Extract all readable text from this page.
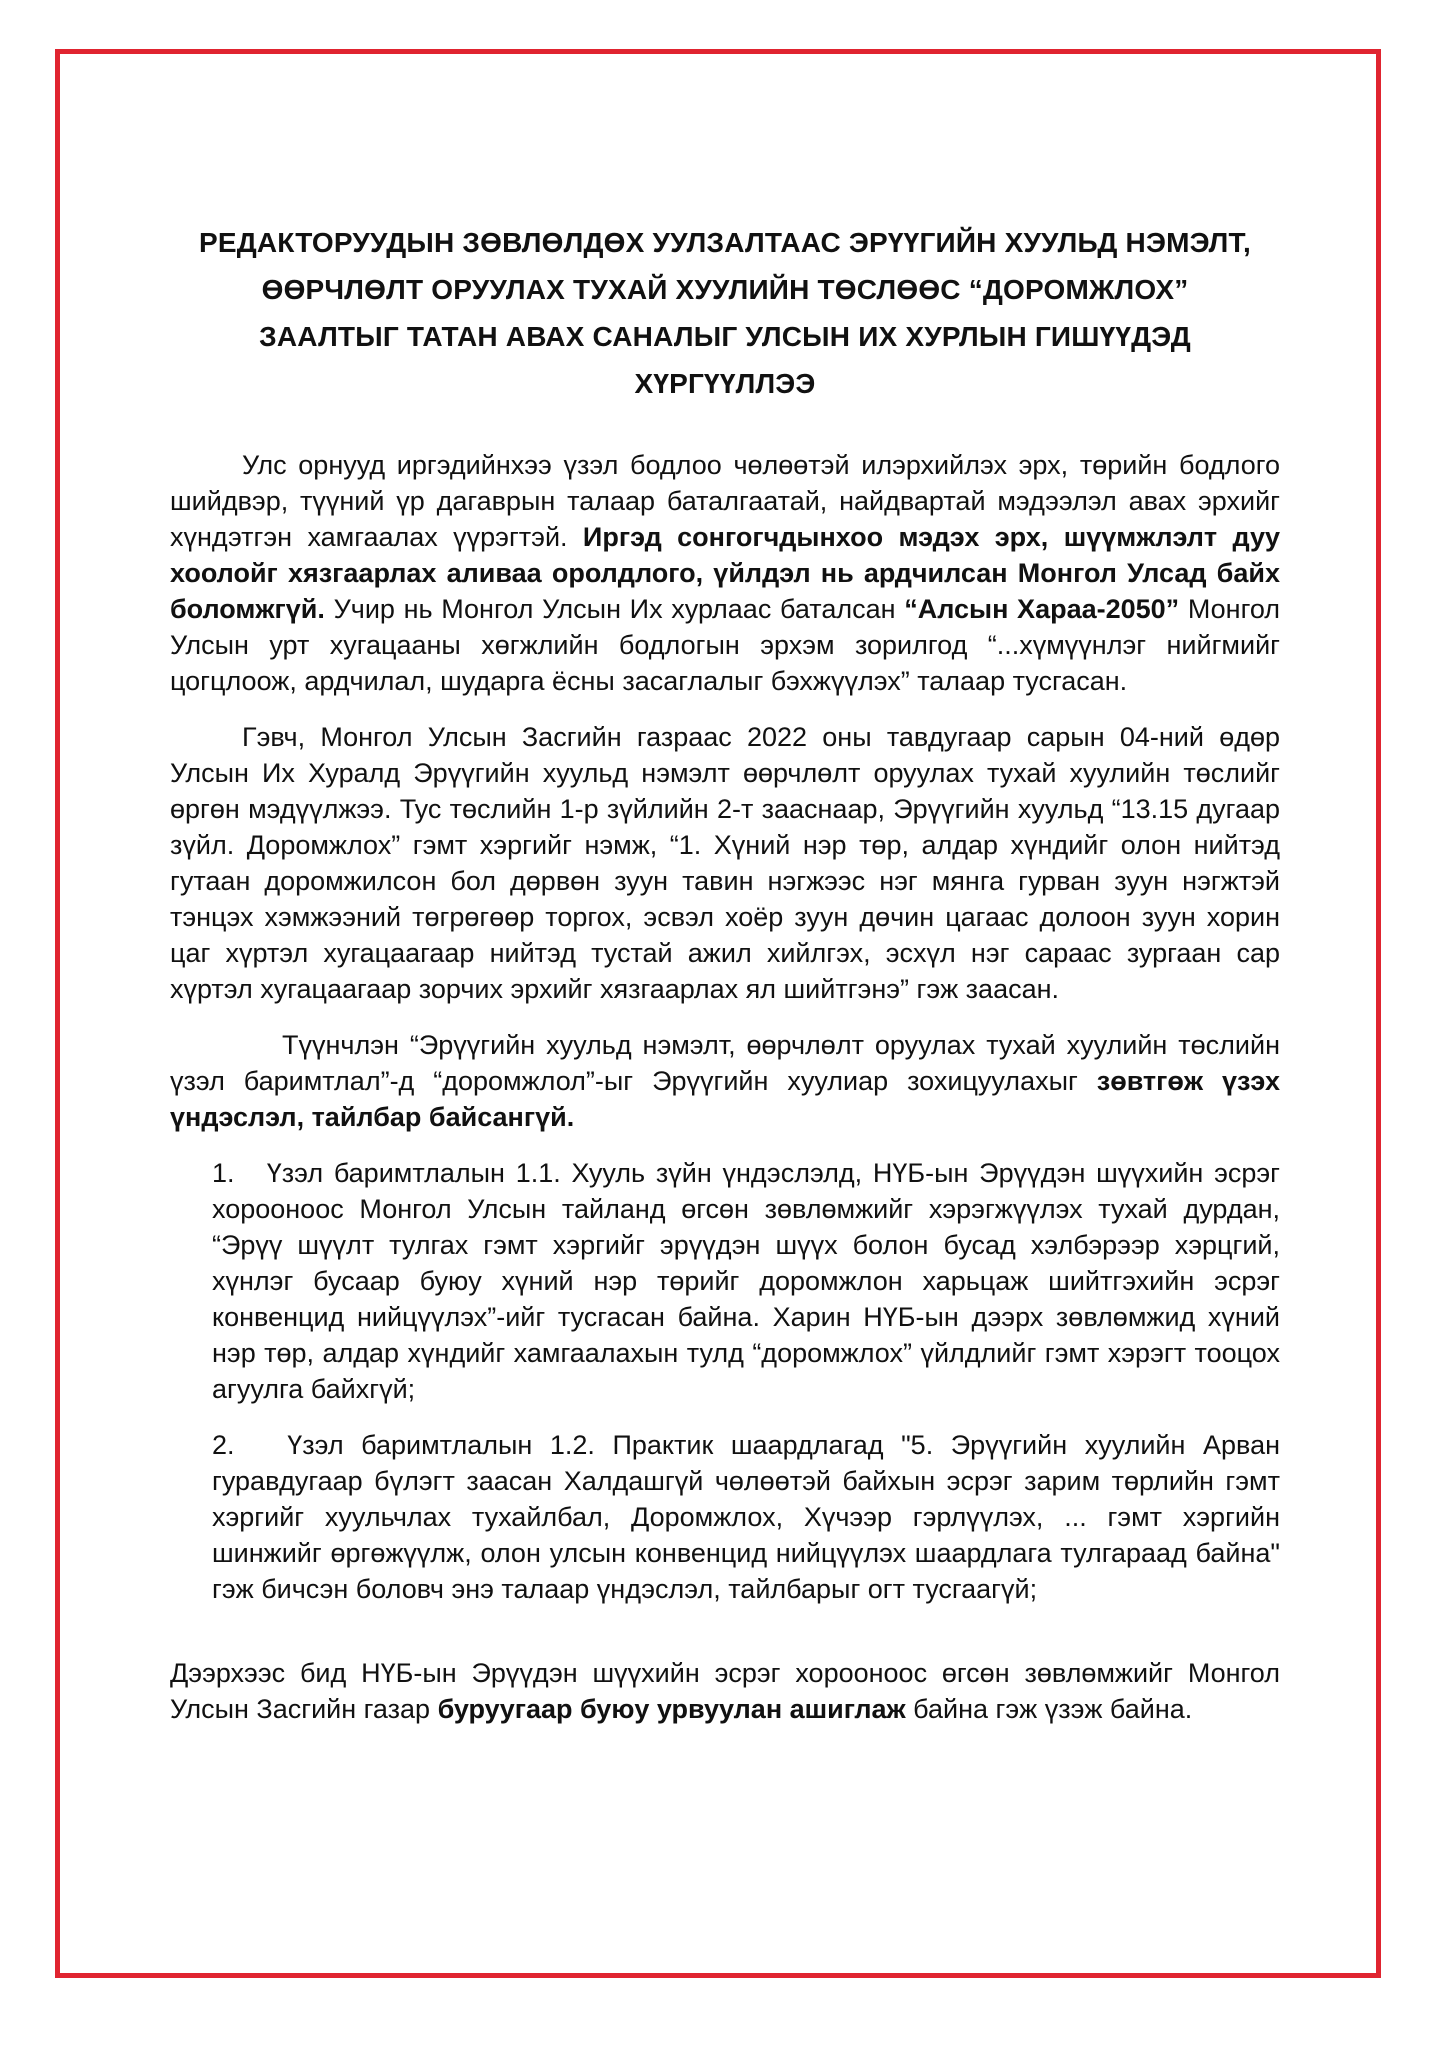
РЕДАКТОРУУДЫН ЗӨВЛӨЛДӨХ УУЛЗАЛТААС ЭРҮҮГИЙН ХУУЛЬД НЭМЭЛТ,
ӨӨРЧЛӨЛТ ОРУУЛАХ ТУХАЙ ХУУЛИЙН ТӨСЛӨӨС “ДОРОМЖЛОХ”
ЗААЛТЫГ ТАТАН АВАХ САНАЛЫГ УЛСЫН ИХ ХУРЛЫН ГИШҮҮДЭД
ХҮРГҮҮЛЛЭЭ

Улс орнууд иргэдийнхээ үзэл бодлоо чөлөөтэй илэрхийлэх эрх, төрийн бодлого шийдвэр, түүний үр дагаврын талаар баталгаатай, найдвартай мэдээлэл авах эрхийг хүндэтгэн хамгаалах үүрэгтэй. Иргэд сонгогчдынхоо мэдэх эрх, шүүмжлэлт дуу хоолойг хязгаарлах аливаа оролдлого, үйлдэл нь ардчилсан Монгол Улсад байх боломжгүй. Учир нь Монгол Улсын Их хурлаас баталсан “Алсын Хараа-2050” Монгол Улсын урт хугацааны хөгжлийн бодлогын эрхэм зорилгод “...хүмүүнлэг нийгмийг цогцлоож, ардчилал, шударга ёсны засаглалыг бэхжүүлэх” талаар тусгасан.

Гэвч, Монгол Улсын Засгийн газраас 2022 оны тавдугаар сарын 04-ний өдөр Улсын Их Хуралд Эрүүгийн хуульд нэмэлт өөрчлөлт оруулах тухай хуулийн төслийг өргөн мэдүүлжээ. Тус төслийн 1-р зүйлийн 2-т зааснаар, Эрүүгийн хуульд “13.15 дугаар зүйл. Доромжлох” гэмт хэргийг нэмж, “1. Хүний нэр төр, алдар хүндийг олон нийтэд гутаан доромжилсон бол дөрвөн зуун тавин нэгжээс нэг мянга гурван зуун нэгжтэй тэнцэх хэмжээний төгрөгөөр торгох, эсвэл хоёр зуун дөчин цагаас долоон зуун хорин цаг хүртэл хугацаагаар нийтэд тустай ажил хийлгэх, эсхүл нэг сараас зургаан сар хүртэл хугацаагаар зорчих эрхийг хязгаарлах ял шийтгэнэ” гэж заасан.

Түүнчлэн “Эрүүгийн хуульд нэмэлт, өөрчлөлт оруулах тухай хуулийн төслийн үзэл баримтлал”-д “доромжлол”-ыг Эрүүгийн хуулиар зохицуулахыг зөвтгөж үзэх үндэслэл, тайлбар байсангүй.

1.   Үзэл баримтлалын 1.1. Хууль зүйн үндэслэлд, НҮБ-ын Эрүүдэн шүүхийн эсрэг хорооноос Монгол Улсын тайланд өгсөн зөвлөмжийг хэрэгжүүлэх тухай дурдан, “Эрүү шүүлт тулгах гэмт хэргийг эрүүдэн шүүх болон бусад хэлбэрээр хэрцгий, хүнлэг бусаар буюу хүний нэр төрийг доромжлон харьцаж шийтгэхийн эсрэг конвенцид нийцүүлэх”-ийг тусгасан байна. Харин НҮБ-ын дээрх зөвлөмжид хүний нэр төр, алдар хүндийг хамгаалахын тулд “доромжлох” үйлдлийг гэмт хэрэгт тооцох агуулга байхгүй;

2.   Үзэл баримтлалын 1.2. Практик шаардлагад "5. Эрүүгийн хуулийн Арван гуравдугаар бүлэгт заасан Халдашгүй чөлөөтэй байхын эсрэг зарим төрлийн гэмт хэргийг хуульчлах тухайлбал, Доромжлох, Хүчээр гэрлүүлэх, ... гэмт хэргийн шинжийг өргөжүүлж, олон улсын конвенцид нийцүүлэх шаардлага тулгараад байна" гэж бичсэн боловч энэ талаар үндэслэл, тайлбарыг огт тусгаагүй;

Дээрхээс бид НҮБ-ын Эрүүдэн шүүхийн эсрэг хорооноос өгсөн зөвлөмжийг Монгол Улсын Засгийн газар буруугаар буюу урвуулан ашиглаж байна гэж үзэж байна.
